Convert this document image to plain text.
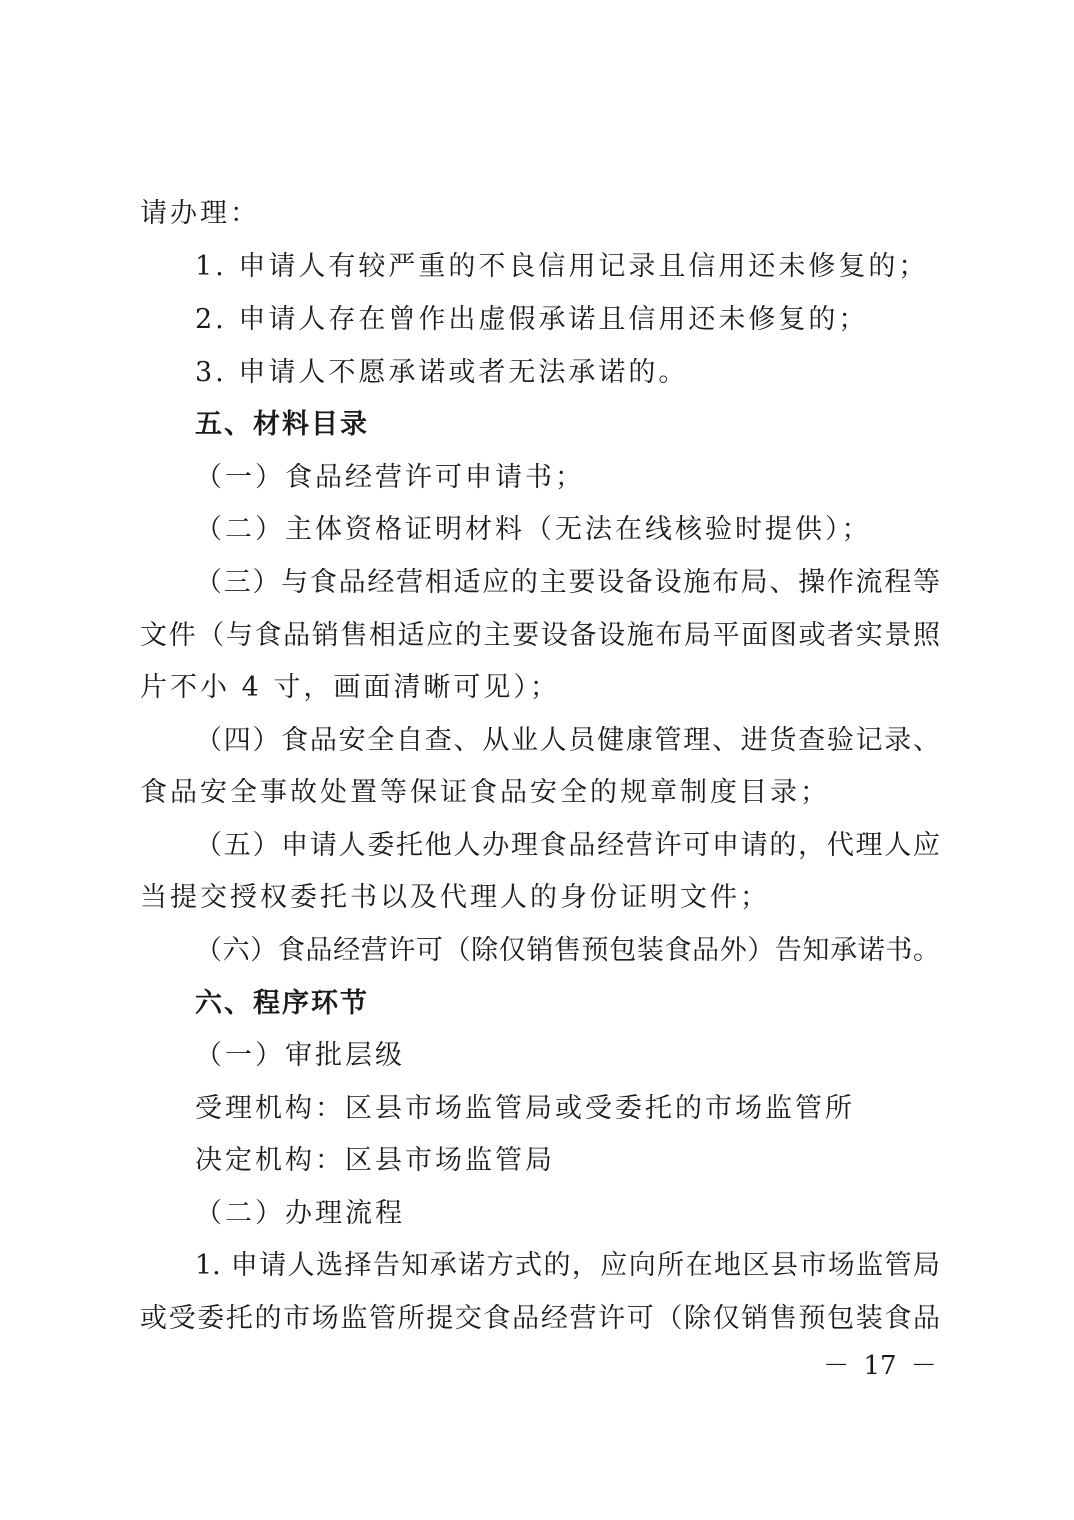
请办理：
1. 申请人有较严重的不良信用记录且信用还未修复的；
2. 申请人存在曾作出虚假承诺且信用还未修复的；
3. 申请人不愿承诺或者无法承诺的。
五、材料目录
（一）食品经营许可申请书；
（二）主体资格证明材料（无法在线核验时提供）；
（三）与食品经营相适应的主要设备设施布局、操作流程等
文件（与食品销售相适应的主要设备设施布局平面图或者实景照
片不小 4 寸，画面清晰可见）；
（四）食品安全自查、从业人员健康管理、进货查验记录、
食品安全事故处置等保证食品安全的规章制度目录；
（五）申请人委托他人办理食品经营许可申请的，代理人应
当提交授权委托书以及代理人的身份证明文件；
（六）食品经营许可（除仅销售预包装食品外）告知承诺书。
六、程序环节
（一）审批层级
受理机构：区县市场监管局或受委托的市场监管所
决定机构：区县市场监管局
（二）办理流程
1. 申请人选择告知承诺方式的，应向所在地区县市场监管局
或受委托的市场监管所提交食品经营许可（除仅销售预包装食品
－ 17 －
